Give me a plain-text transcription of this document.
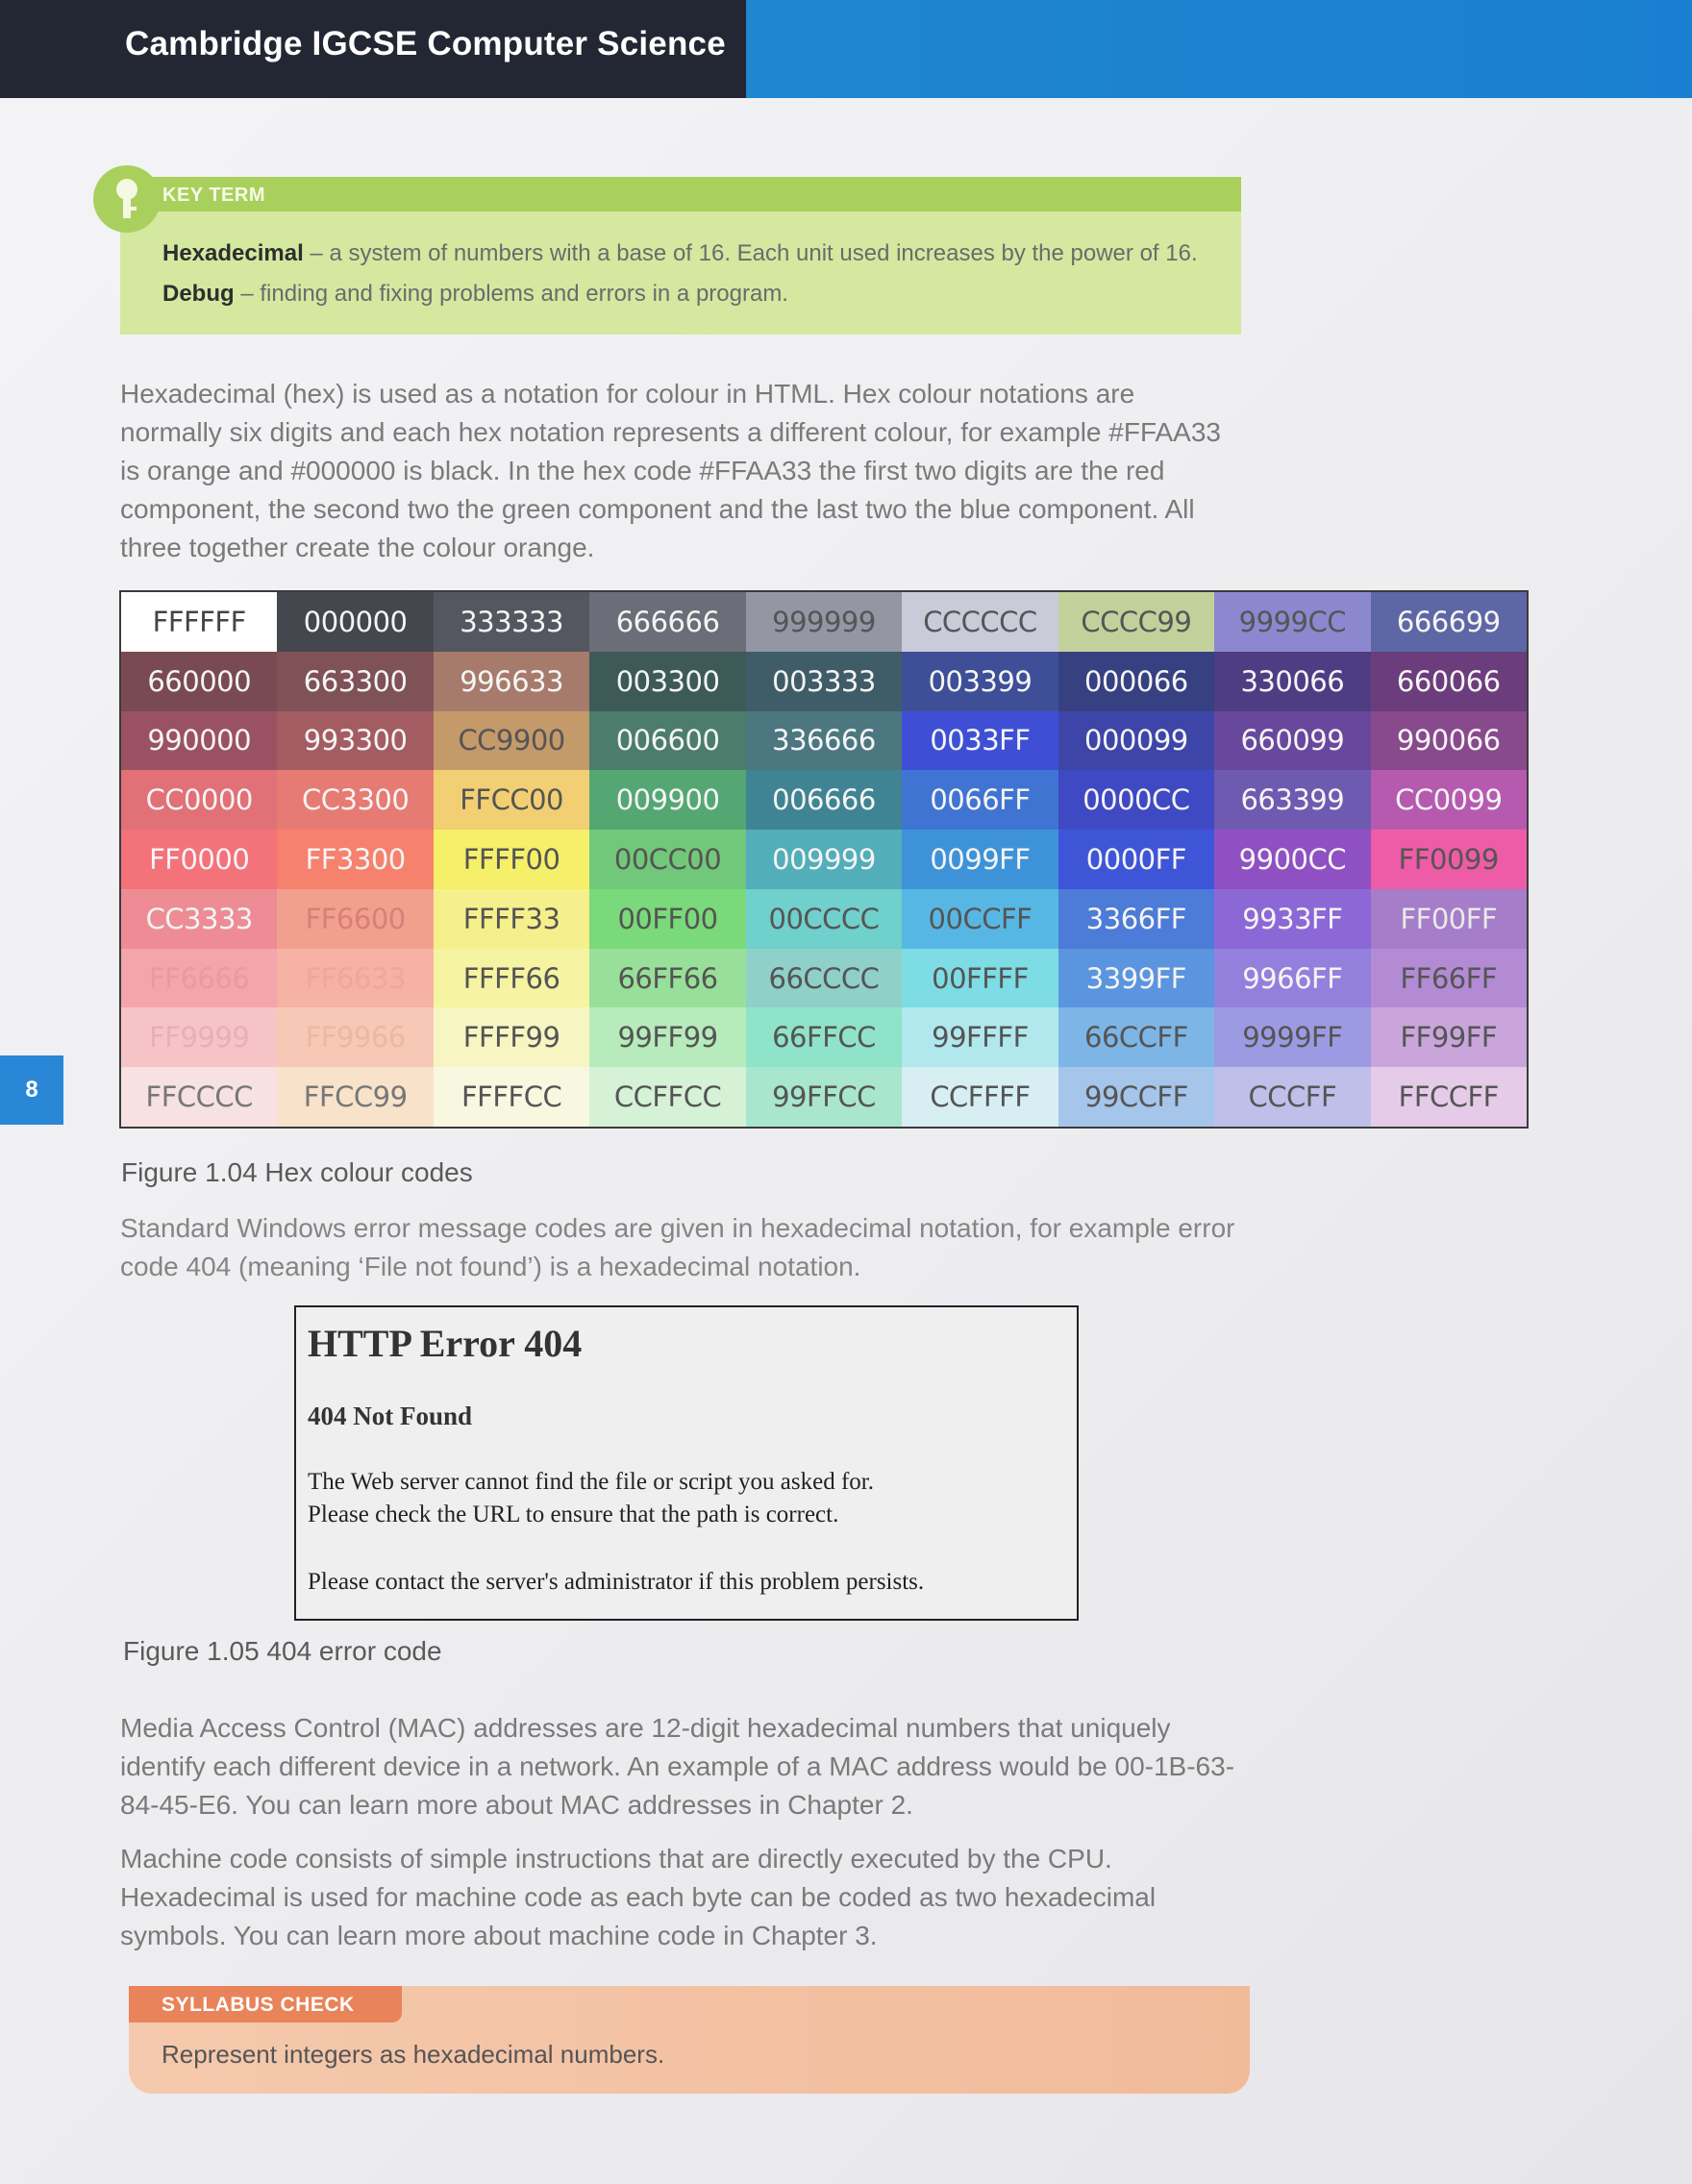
Cambridge IGCSE Computer Science
8
KEY TERM
Hexadecimal – a system of numbers with a base of 16. Each unit used increases by the power of 16.
Debug – finding and fixing problems and errors in a program.
Hexadecimal (hex) is used as a notation for colour in HTML. Hex colour notations are
normally six digits and each hex notation represents a different colour, for example #FFAA33
is orange and #000000 is black. In the hex code #FFAA33 the first two digits are the red
component, the second two the green component and the last two the blue component. All
three together create the colour orange.
FFFFFF	000000	333333	666666	999999	CCCCCC	CCCC99	9999CC	666699
660000	663300	996633	003300	003333	003399	000066	330066	660066
990000	993300	CC9900	006600	336666	0033FF	000099	660099	990066
CC0000	CC3300	FFCC00	009900	006666	0066FF	0000CC	663399	CC0099
FF0000	FF3300	FFFF00	00CC00	009999	0099FF	0000FF	9900CC	FF0099
CC3333	FF6600	FFFF33	00FF00	00CCCC	00CCFF	3366FF	9933FF	FF00FF
FF6666	FF6633	FFFF66	66FF66	66CCCC	00FFFF	3399FF	9966FF	FF66FF
FF9999	FF9966	FFFF99	99FF99	66FFCC	99FFFF	66CCFF	9999FF	FF99FF
FFCCCC	FFCC99	FFFFCC	CCFFCC	99FFCC	CCFFFF	99CCFF	CCCFF	FFCCFF
Figure 1.04 Hex colour codes
Standard Windows error message codes are given in hexadecimal notation, for example error
code 404 (meaning ‘File not found’) is a hexadecimal notation.
HTTP Error 404
404 Not Found
The Web server cannot find the file or script you asked for.
Please check the URL to ensure that the path is correct.
Please contact the server's administrator if this problem persists.
Figure 1.05 404 error code
Media Access Control (MAC) addresses are 12-digit hexadecimal numbers that uniquely
identify each different device in a network. An example of a MAC address would be 00-1B-63-
84-45-E6. You can learn more about MAC addresses in Chapter 2.
Machine code consists of simple instructions that are directly executed by the CPU.
Hexadecimal is used for machine code as each byte can be coded as two hexadecimal
symbols. You can learn more about machine code in Chapter 3.
SYLLABUS CHECK
Represent integers as hexadecimal numbers.
